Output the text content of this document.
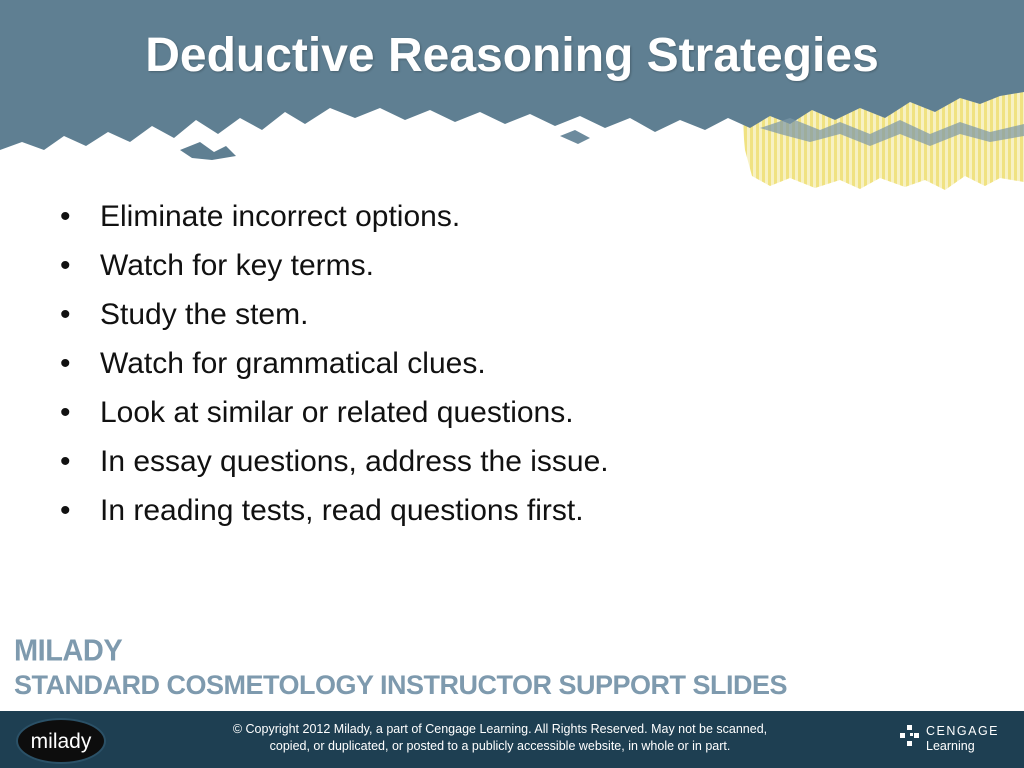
Deductive Reasoning Strategies
• Eliminate incorrect options.
• Watch for key terms.
• Study the stem.
• Watch for grammatical clues.
• Look at similar or related questions.
• In essay questions, address the issue.
• In reading tests, read questions first.
MILADY
STANDARD COSMETOLOGY INSTRUCTOR SUPPORT SLIDES
milady
© Copyright 2012 Milady, a part of Cengage Learning. All Rights Reserved. May not be scanned,
copied, or duplicated, or posted to a publicly accessible website, in whole or in part.
CENGAGE
Learning
